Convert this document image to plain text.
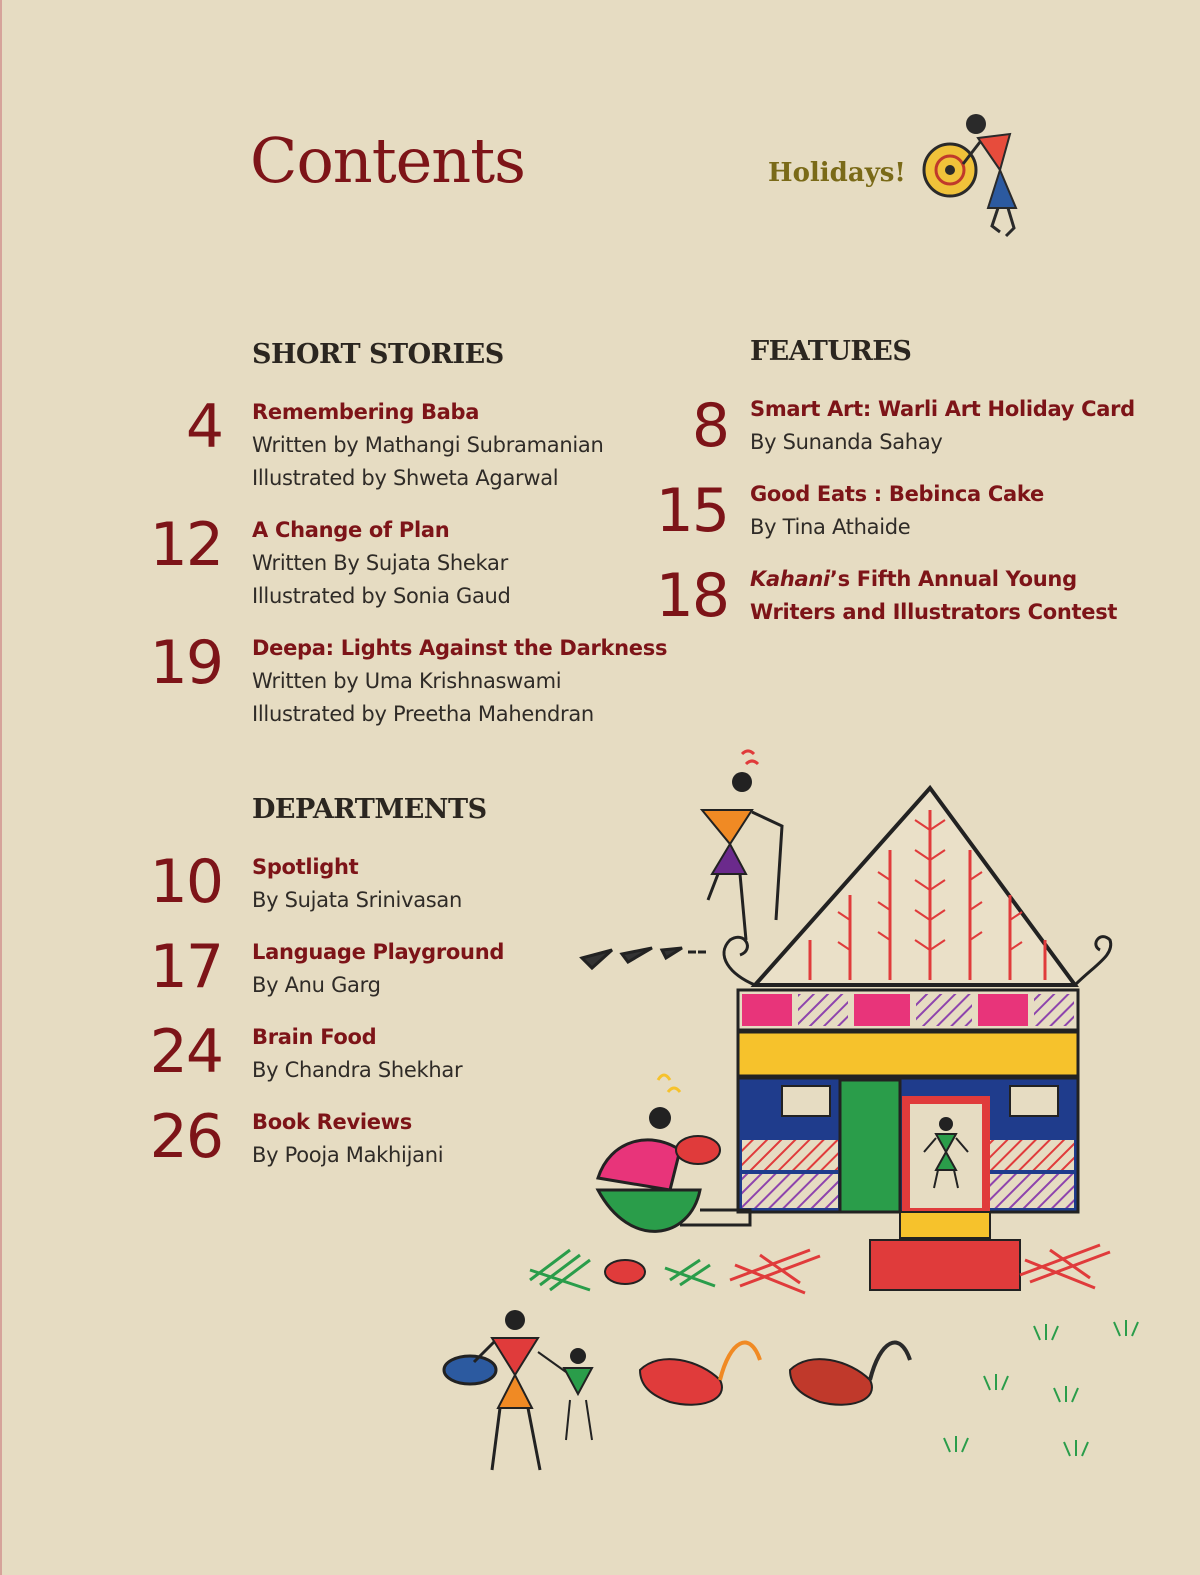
Contents	Holidays!
SHORT STORIES
4 Remembering Baba
Written by Mathangi Subramanian
Illustrated by Shweta Agarwal
12 A Change of Plan
Written By Sujata Shekar
Illustrated by Sonia Gaud
19 Deepa: Lights Against the Darkness
Written by Uma Krishnaswami
Illustrated by Preetha Mahendran
FEATURES
8 Smart Art: Warli Art Holiday Card
By Sunanda Sahay
15 Good Eats : Bebinca Cake
By Tina Athaide
18 Kahani’s Fifth Annual Young
Writers and Illustrators Contest
DEPARTMENTS
10 Spotlight
By Sujata Srinivasan
17 Language Playground
By Anu Garg
24 Brain Food
By Chandra Shekhar
26 Book Reviews
By Pooja Makhijani
